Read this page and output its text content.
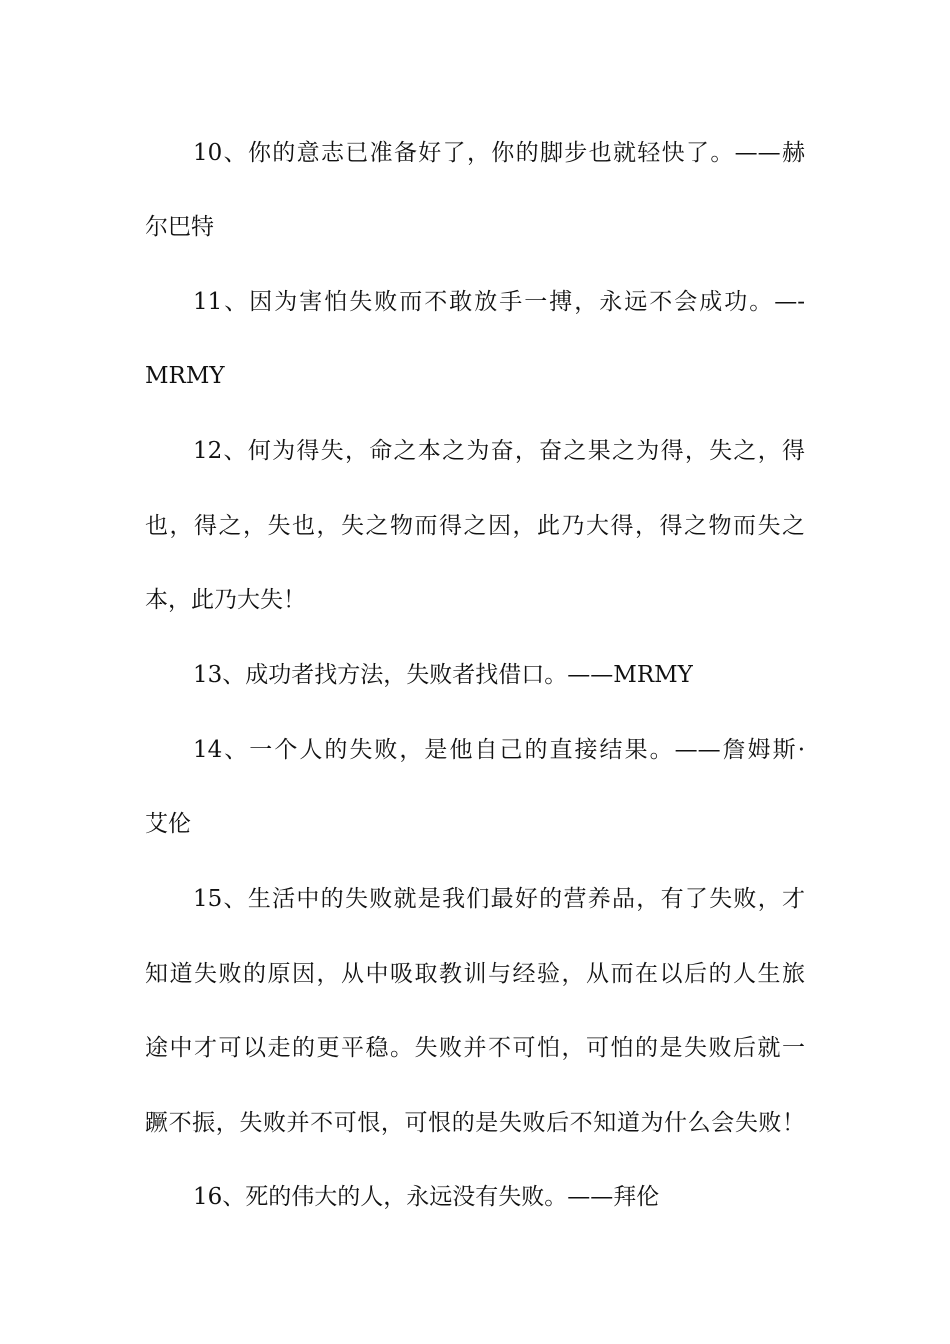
10、你的意志已准备好了，你的脚步也就轻快了。——赫
尔巴特
11、因为害怕失败而不敢放手一搏，永远不会成功。—-
MRMY
12、何为得失，命之本之为奋，奋之果之为得，失之，得
也，得之，失也，失之物而得之因，此乃大得，得之物而失之
本，此乃大失！
13、成功者找方法，失败者找借口。——MRMY
14、一个人的失败，是他自己的直接结果。——詹姆斯·
艾伦
15、生活中的失败就是我们最好的营养品，有了失败，才
知道失败的原因，从中吸取教训与经验，从而在以后的人生旅
途中才可以走的更平稳。失败并不可怕，可怕的是失败后就一
蹶不振，失败并不可恨，可恨的是失败后不知道为什么会失败！
16、死的伟大的人，永远没有失败。——拜伦
